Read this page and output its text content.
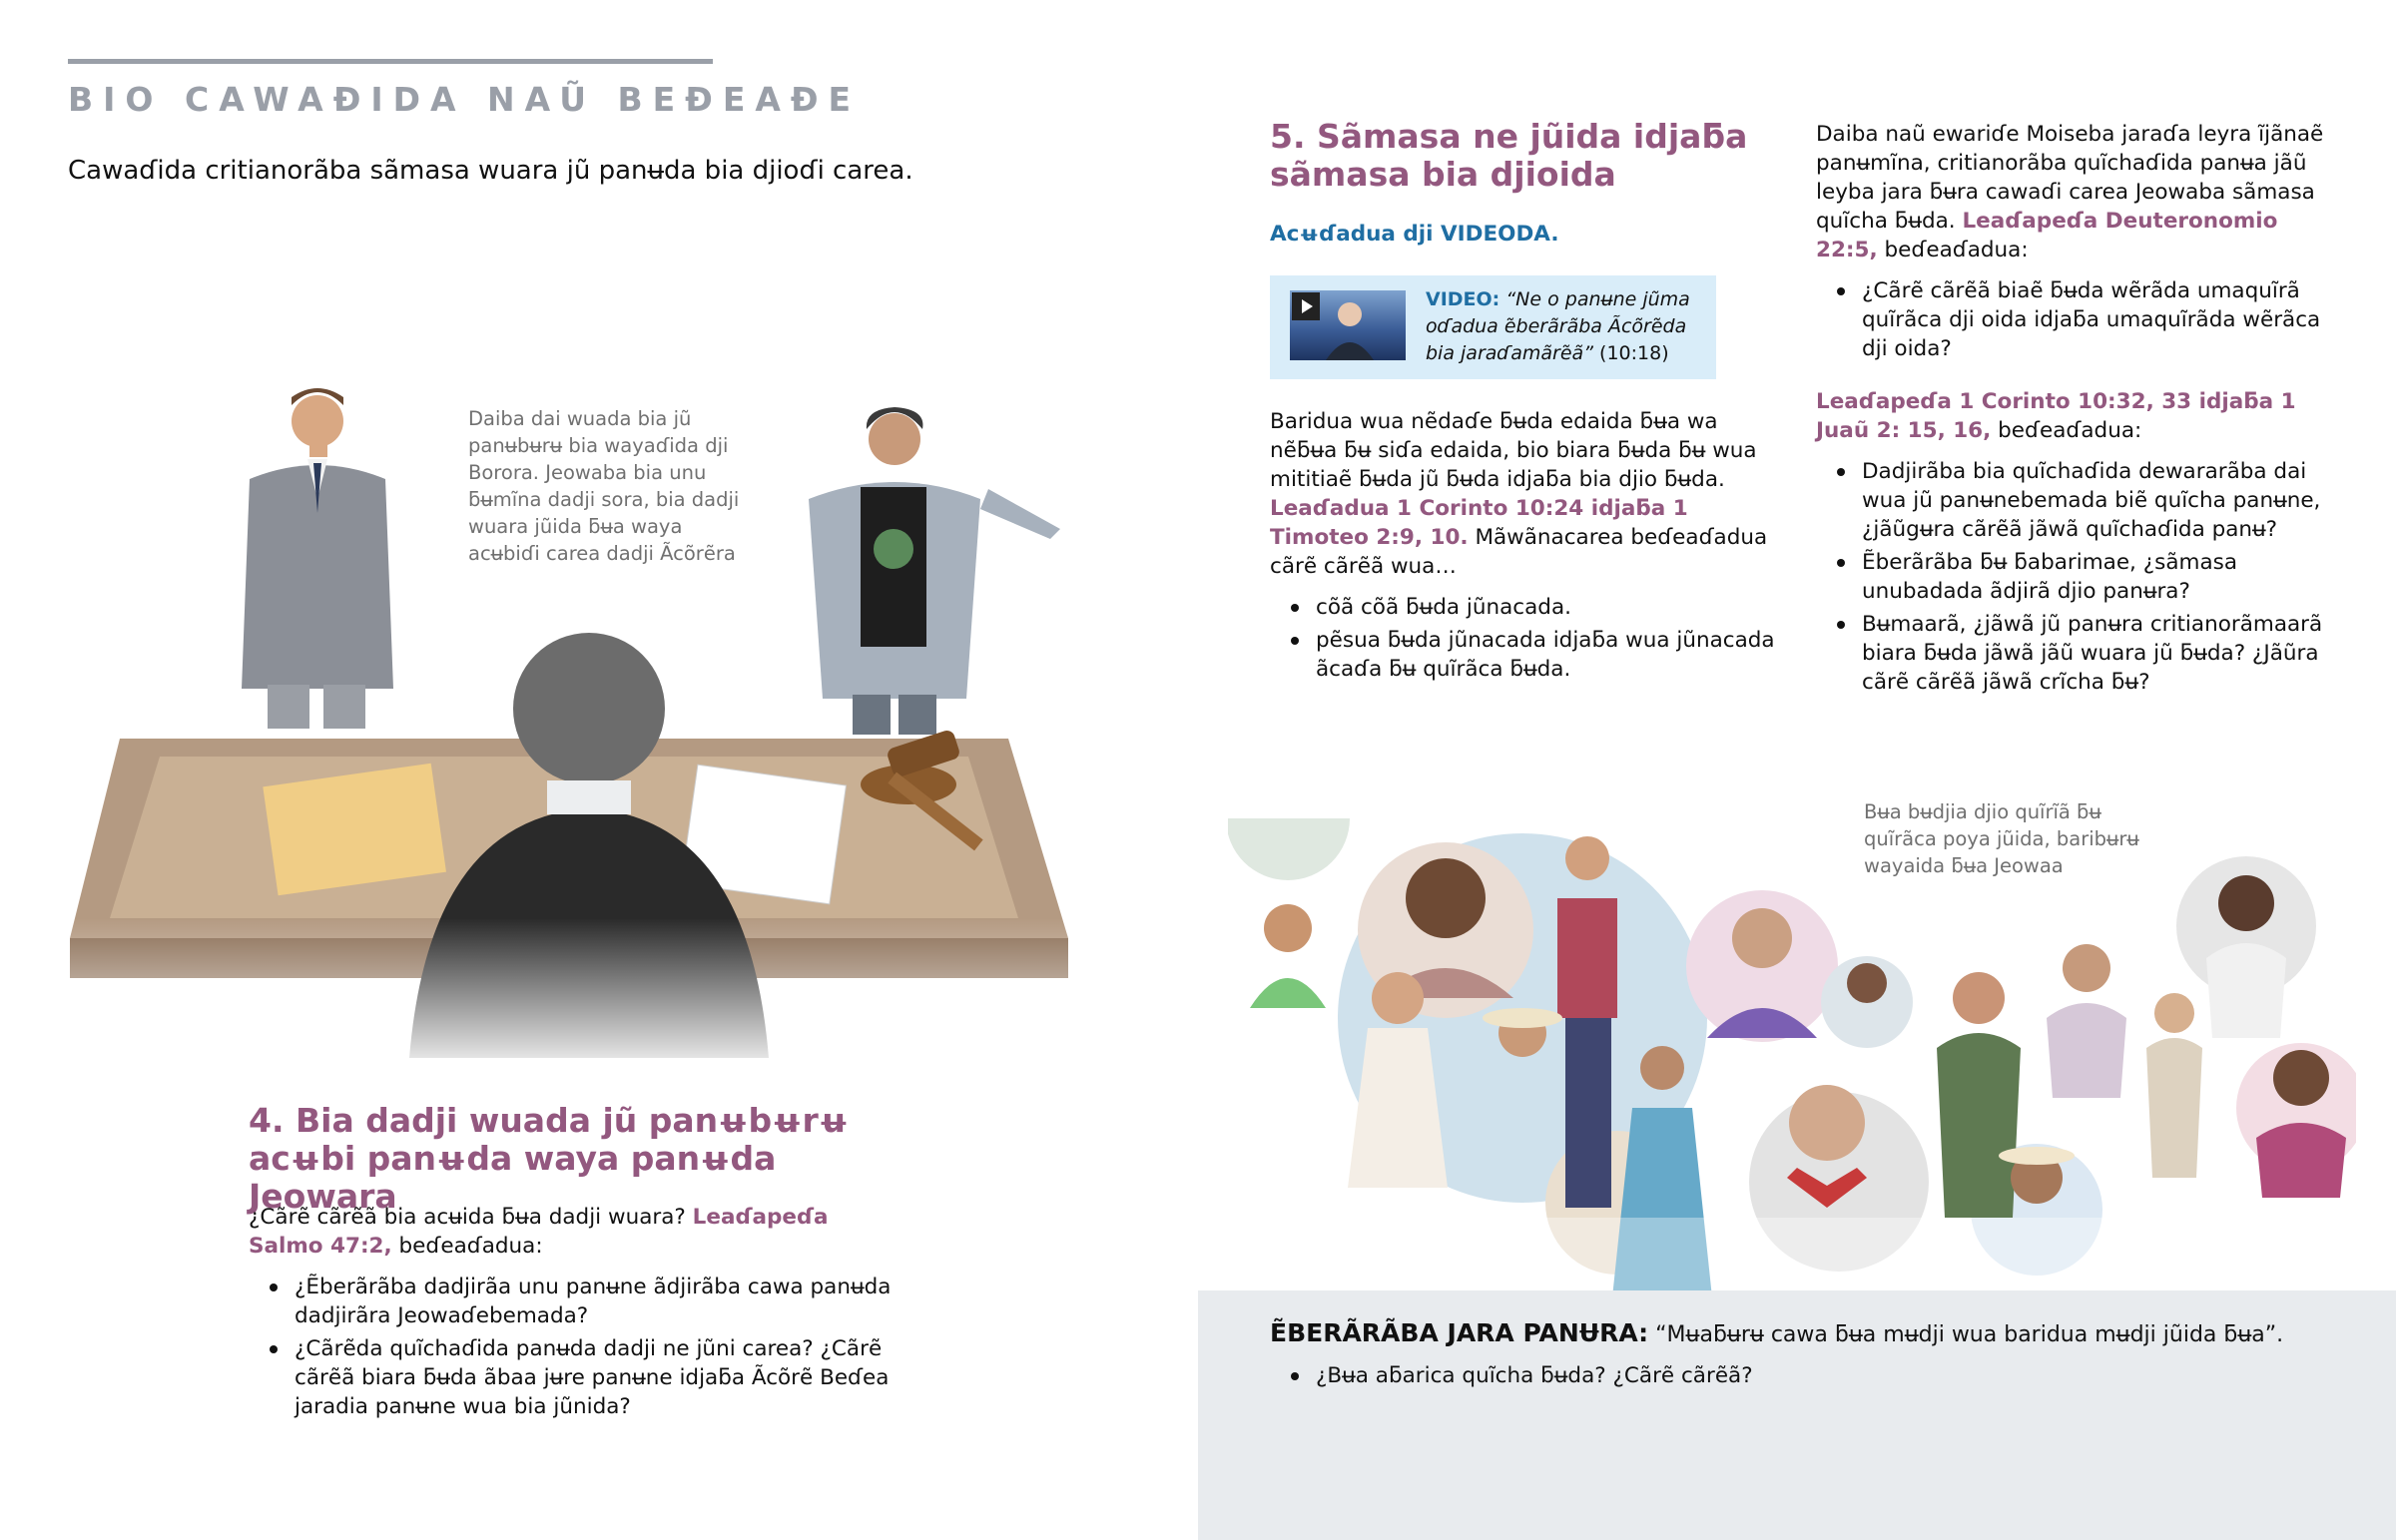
BIO CAWAƉIDA NAŨ BEƉEAƉE
Cawaɗida critianorãba sãmasa wuara jũ panʉda bia djioɗi carea.
Daiba dai wuada bia jũ panʉbʉrʉ bia wayaɗida dji Borora. Jeowaba bia unu ƃʉmĩna dadji sora, bia dadji wuara jũida ƃʉa waya acʉbiɗi carea dadji Ãcõrẽra
4. Bia dadji wuada jũ panʉbʉrʉ acʉbi panʉda waya panʉda Jeowara
¿Cãrẽ cãrẽã bia acʉida ƃʉa dadji wuara? Leaɗapeɗa Salmo 47:2, beɗeaɗadua:
¿Ẽberãrãba dadjirãa unu panʉne ãdjirãba cawa panʉda dadjirãra Jeowaɗebemada?
¿Cãrẽda quĩchaɗida panʉda dadji ne jũni carea? ¿Cãrẽ cãrẽã biara ƃʉda ãbaa jʉre panʉne idjaƃa Ãcõrẽ Beɗea jaradia panʉne wua bia jũnida?
5. Sãmasa ne jũida idjaƃa sãmasa bia djioida
Acʉɗadua dji VIDEODA.
VIDEO: “Ne o panʉne jũma oɗadua ẽberãrãba Ãcõrẽda bia jaraɗamãrẽã” (10:18)
Baridua wua nẽdaɗe ƃʉda edaida ƃʉa wa nẽƃʉa ƃʉ siɗa edaida, bio biara ƃʉda ƃʉ wua mititiaẽ ƃʉda jũ ƃʉda idjaƃa bia djio ƃʉda. Leaɗadua 1 Corinto 10:24 idjaƃa 1 Timoteo 2:9, 10. Mãwãnacarea beɗeaɗadua cãrẽ cãrẽã wua…
cõã cõã ƃʉda jũnacada.
pẽsua ƃʉda jũnacada idjaƃa wua jũnacada ãcaɗa ƃʉ quĩrãca ƃʉda.
Daiba naũ ewariɗe Moiseba jaraɗa leyra ĩjãnaẽ panʉmĩna, critianorãba quĩchaɗida panʉa jãũ leyba jara ƃʉra cawaɗi carea Jeowaba sãmasa quĩcha ƃʉda. Leaɗapeɗa Deuteronomio 22:5, beɗeaɗadua:
¿Cãrẽ cãrẽã biaẽ ƃʉda wẽrãda umaquĩrã quĩrãca dji oida idjaƃa umaquĩrãda wẽrãca dji oida?
Leaɗapeɗa 1 Corinto 10:32, 33 idjaƃa 1 Juaũ 2: 15, 16, beɗeaɗadua:
Dadjirãba bia quĩchaɗida dewararãba dai wua jũ panʉnebemada biẽ quĩcha panʉne, ¿jãũgʉra cãrẽã jãwã quĩchaɗida panʉ?
Ẽberãrãba ƃʉ ƃabarimae, ¿sãmasa unubadada ãdjirã djio panʉra?
Bʉmaarã, ¿jãwã jũ panʉra critianorãmaarã biara ƃʉda jãwã jãũ wuara jũ ƃʉda? ¿Jãũra cãrẽ cãrẽã jãwã crĩcha ƃʉ?
Bʉa bʉdjia djio quĩrĩã ƃʉ quĩrãca poya jũida, baribʉrʉ wayaida ƃʉa Jeowaa
ẼBERÃRÃBA JARA PANɄRA: “Mʉaƃʉrʉ cawa ƃʉa mʉdji wua baridua mʉdji jũida ƃʉa”.
¿Bʉa aƃarica quĩcha ƃʉda? ¿Cãrẽ cãrẽã?
